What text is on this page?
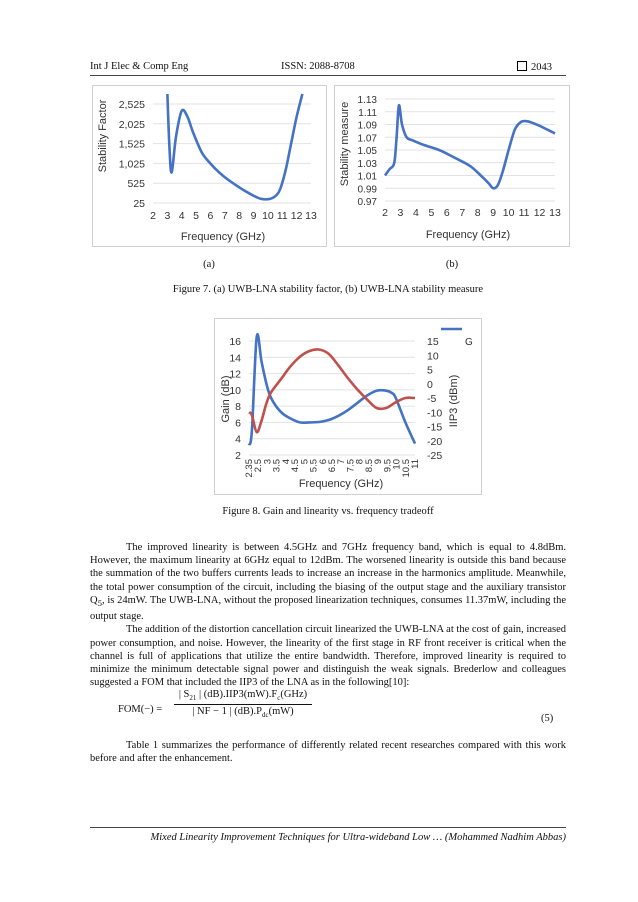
Int J Elec & Comp Eng	ISSN: 2088-8708	2043
25
525
1,025
1,525
2,025
2,525
2 3 4 5 6 7 8 9 10 11 12 13
Stability Factor
Frequency (GHz)
(a)
0.97
0.99
1.01
1.03
1.05
1.07
1.09
1.11
1.13
2 3 4 5 6 7 8 9 10 11 12 13
Stability measure
Frequency (GHz)
(b)
Figure 7. (a) UWB-LNA stability factor, (b) UWB-LNA stability measure
2
4
6
8
10
12
14
16
-25
-20
-15
-10
-5
0
5
10
15
2.35
2.5
3
3.5
4
4.5
5
5.5
6
6.5
7
7.5
8
8.5
9
9.5
10
10.5
11
Gain (dB)	IIP3 (dBm)
Frequency (GHz)
G
Figure 8. Gain and linearity vs. frequency tradeoff

The improved linearity is between 4.5GHz and 7GHz frequency band, which is equal to 4.8dBm. However, the maximum linearity at 6GHz equal to 12dBm. The worsened linearity is outside this band because the summation of the two buffers currents leads to increase an increase in the harmonics amplitude. Meanwhile, the total power consumption of the circuit, including the biasing of the output stage and the auxiliary transistor $Q_5$, is 24mW. The UWB-LNA, without the proposed linearization techniques, consumes 11.37mW, including the output stage.

The addition of the distortion cancellation circuit linearized the UWB-LNA at the cost of gain, increased power consumption, and noise. However, the linearity of the first stage in RF front receiver is critical when the channel is full of applications that utilize the entire bandwidth. Therefore, improved linearity is required to minimize the minimum detectable signal power and distinguish the weak signals. Brederlow and colleagues suggested a FOM that included the IIP3 of the LNA as in the following[10]:

FOM(−) =
| $S_{21}$ | $(dB).IIP3(mW).F_c(GHz)$
| NF − 1 | $(dB).P_{dc}(mW)$
(5)

Table 1 summarizes the performance of differently related recent researches compared with this work before and after the enhancement.

Mixed Linearity Improvement Techniques for Ultra-wideband Low … (Mohammed Nadhim Abbas)
